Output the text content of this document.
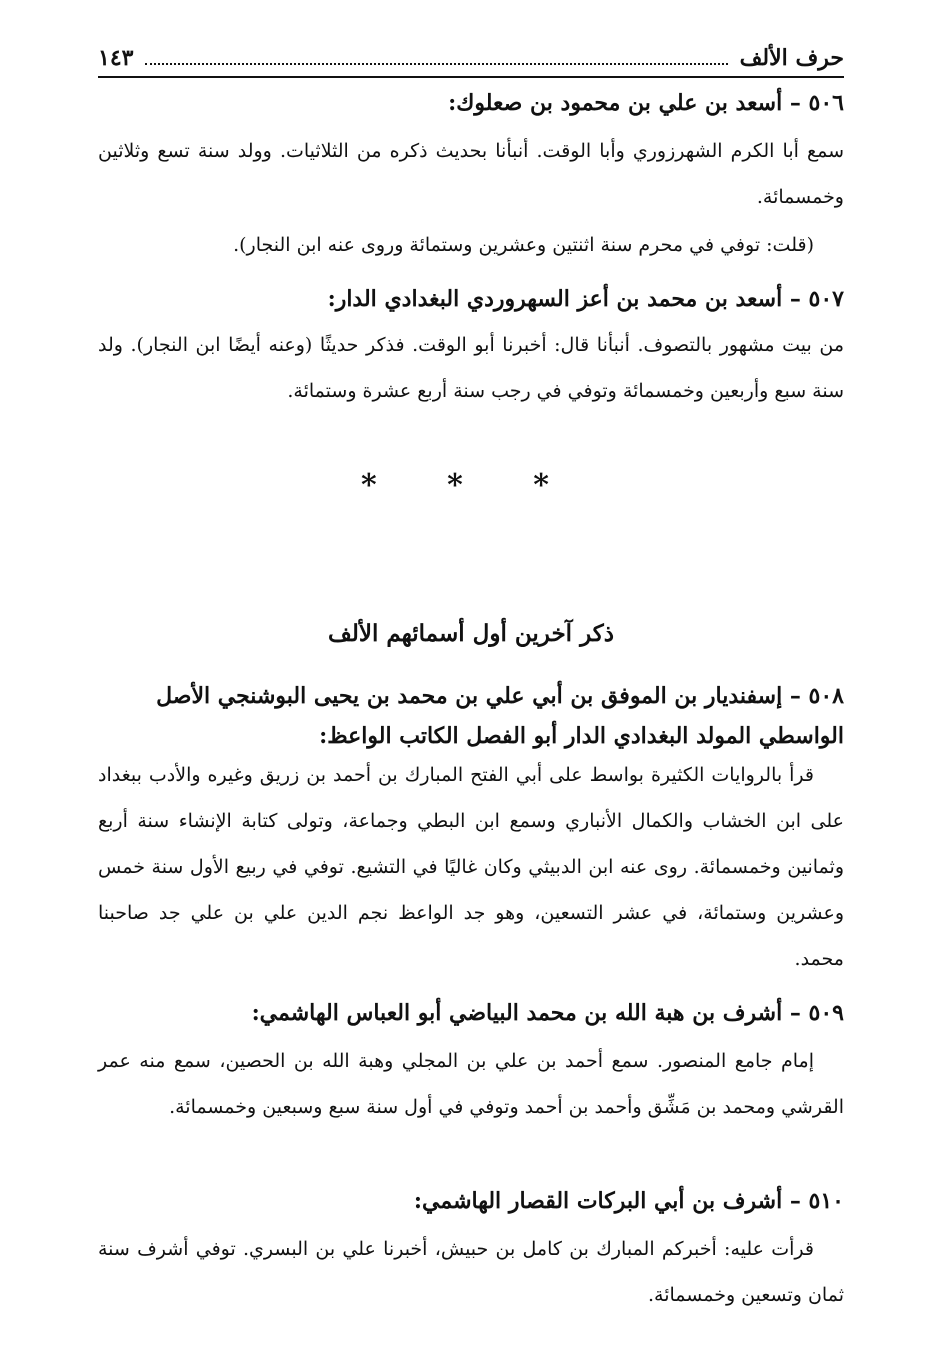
حرف الألف
١٤٣
٥٠٦ – أسعد بن علي بن محمود بن صعلوك:
سمع أبا الكرم الشهرزوري وأبا الوقت. أنبأنا بحديث ذكره من الثلاثيات. وولد سنة تسع وثلاثين وخمسمائة.
(قلت: توفي في محرم سنة اثنتين وعشرين وستمائة وروى عنه ابن النجار).
٥٠٧ – أسعد بن محمد بن أعز السهروردي البغدادي الدار:
من بيت مشهور بالتصوف. أنبأنا قال: أخبرنا أبو الوقت. فذكر حديثًا (وعنه أيضًا ابن النجار). ولد سنة سبع وأربعين وخمسمائة وتوفي في رجب سنة أربع عشرة وستمائة.
* * *
ذكر آخرين أول أسمائهم الألف
٥٠٨ – إسفنديار بن الموفق بن أبي علي بن محمد بن يحيى البوشنجي الأصل الواسطي المولد البغدادي الدار أبو الفصل الكاتب الواعظ:
قرأ بالروايات الكثيرة بواسط على أبي الفتح المبارك بن أحمد بن زريق وغيره والأدب ببغداد على ابن الخشاب والكمال الأنباري وسمع ابن البطي وجماعة، وتولى كتابة الإنشاء سنة أربع وثمانين وخمسمائة. روى عنه ابن الدبيثي وكان غاليًا في التشيع. توفي في ربيع الأول سنة خمس وعشرين وستمائة، في عشر التسعين، وهو جد الواعظ نجم الدين علي بن علي جد صاحبنا محمد.
٥٠٩ – أشرف بن هبة الله بن محمد البياضي أبو العباس الهاشمي:
إمام جامع المنصور. سمع أحمد بن علي بن المجلي وهبة الله بن الحصين، سمع منه عمر القرشي ومحمد بن مَشِّق وأحمد بن أحمد وتوفي في أول سنة سبع وسبعين وخمسمائة.
٥١٠ – أشرف بن أبي البركات القصار الهاشمي:
قرأت عليه: أخبركم المبارك بن كامل بن حبيش، أخبرنا علي بن البسري. توفي أشرف سنة ثمان وتسعين وخمسمائة.
